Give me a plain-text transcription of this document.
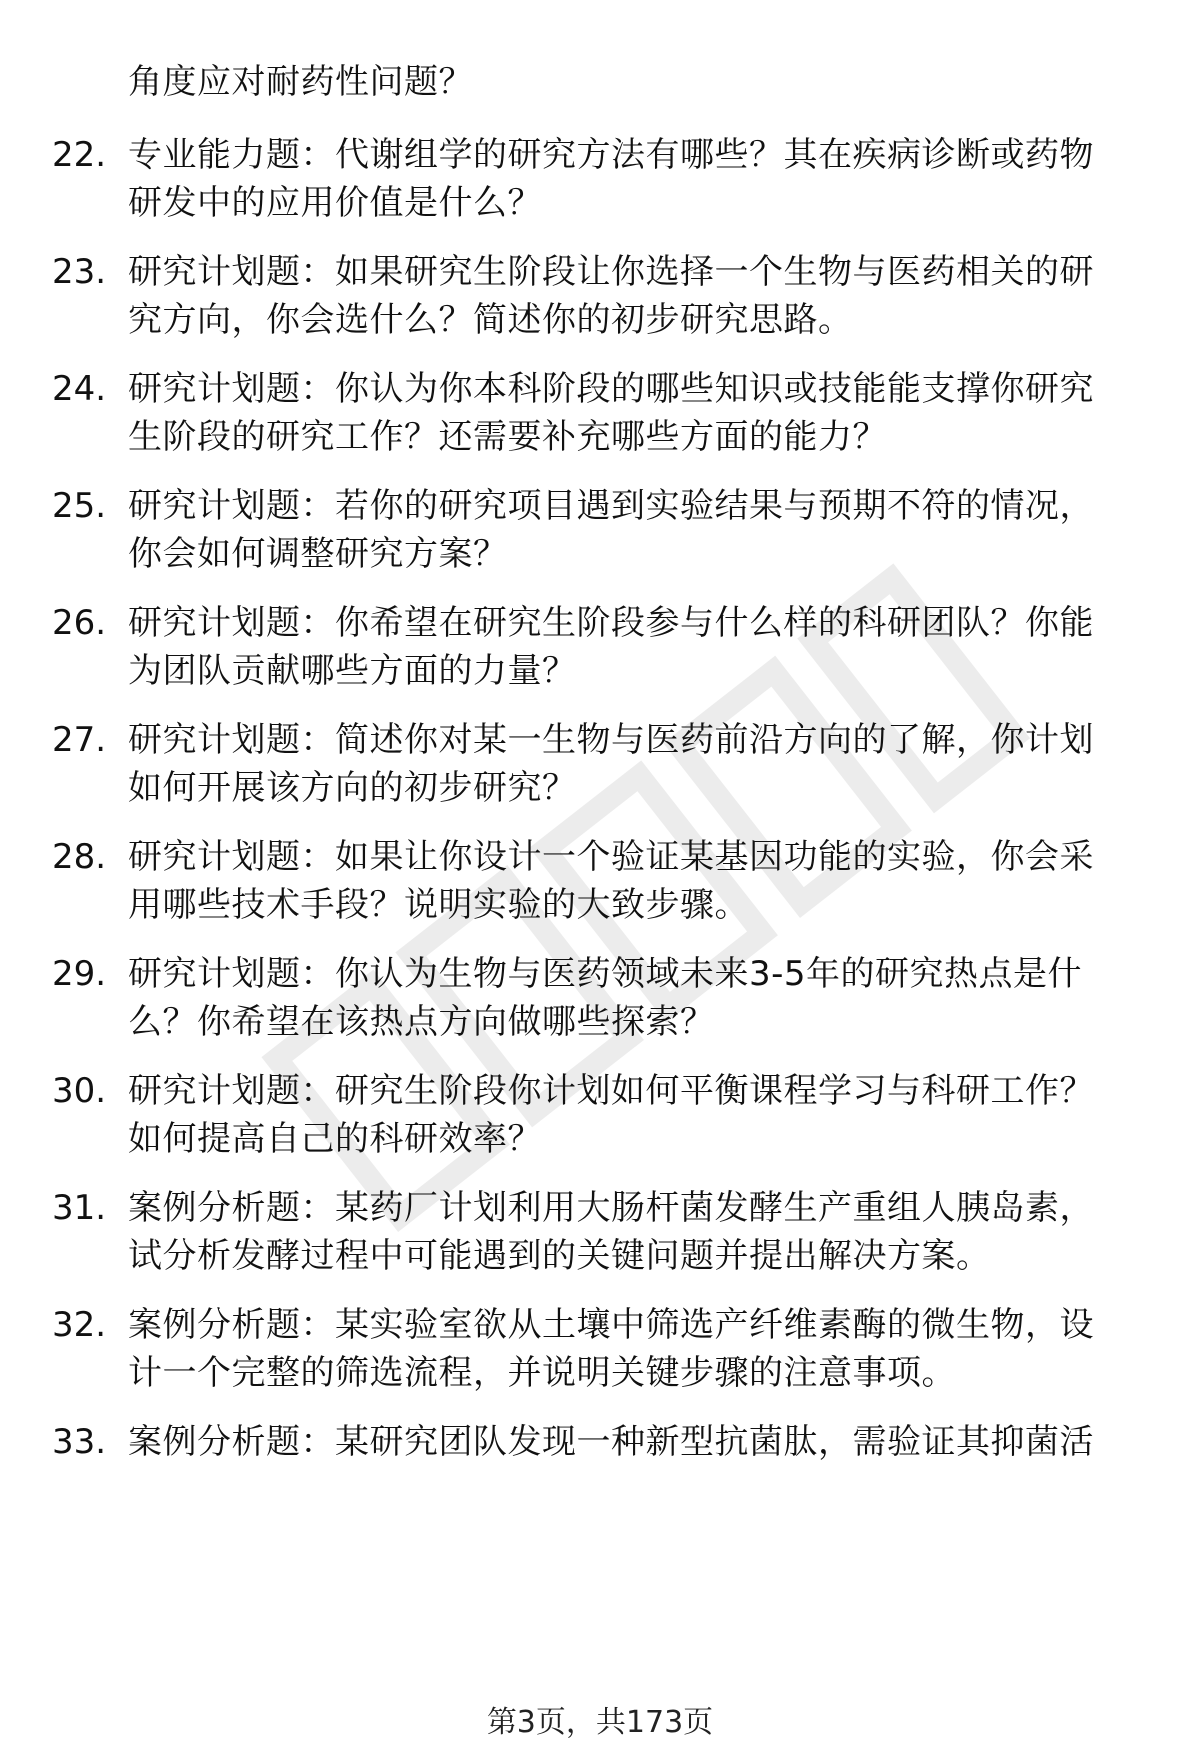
角度应对耐药性问题？
22. 专业能力题：代谢组学的研究方法有哪些？其在疾病诊断或药物
研发中的应用价值是什么？
23. 研究计划题：如果研究生阶段让你选择一个生物与医药相关的研
究方向，你会选什么？简述你的初步研究思路。
24. 研究计划题：你认为你本科阶段的哪些知识或技能能支撑你研究
生阶段的研究工作？还需要补充哪些方面的能力？
25. 研究计划题：若你的研究项目遇到实验结果与预期不符的情况，
你会如何调整研究方案？
26. 研究计划题：你希望在研究生阶段参与什么样的科研团队？你能
为团队贡献哪些方面的力量？
27. 研究计划题：简述你对某一生物与医药前沿方向的了解，你计划
如何开展该方向的初步研究？
28. 研究计划题：如果让你设计一个验证某基因功能的实验，你会采
用哪些技术手段？说明实验的大致步骤。
29. 研究计划题：你认为生物与医药领域未来3-5年的研究热点是什
么？你希望在该热点方向做哪些探索？
30. 研究计划题：研究生阶段你计划如何平衡课程学习与科研工作？
如何提高自己的科研效率？
31. 案例分析题：某药厂计划利用大肠杆菌发酵生产重组人胰岛素，
试分析发酵过程中可能遇到的关键问题并提出解决方案。
32. 案例分析题：某实验室欲从土壤中筛选产纤维素酶的微生物，设
计一个完整的筛选流程，并说明关键步骤的注意事项。
33. 案例分析题：某研究团队发现一种新型抗菌肽，需验证其抑菌活
第3页，共173页
